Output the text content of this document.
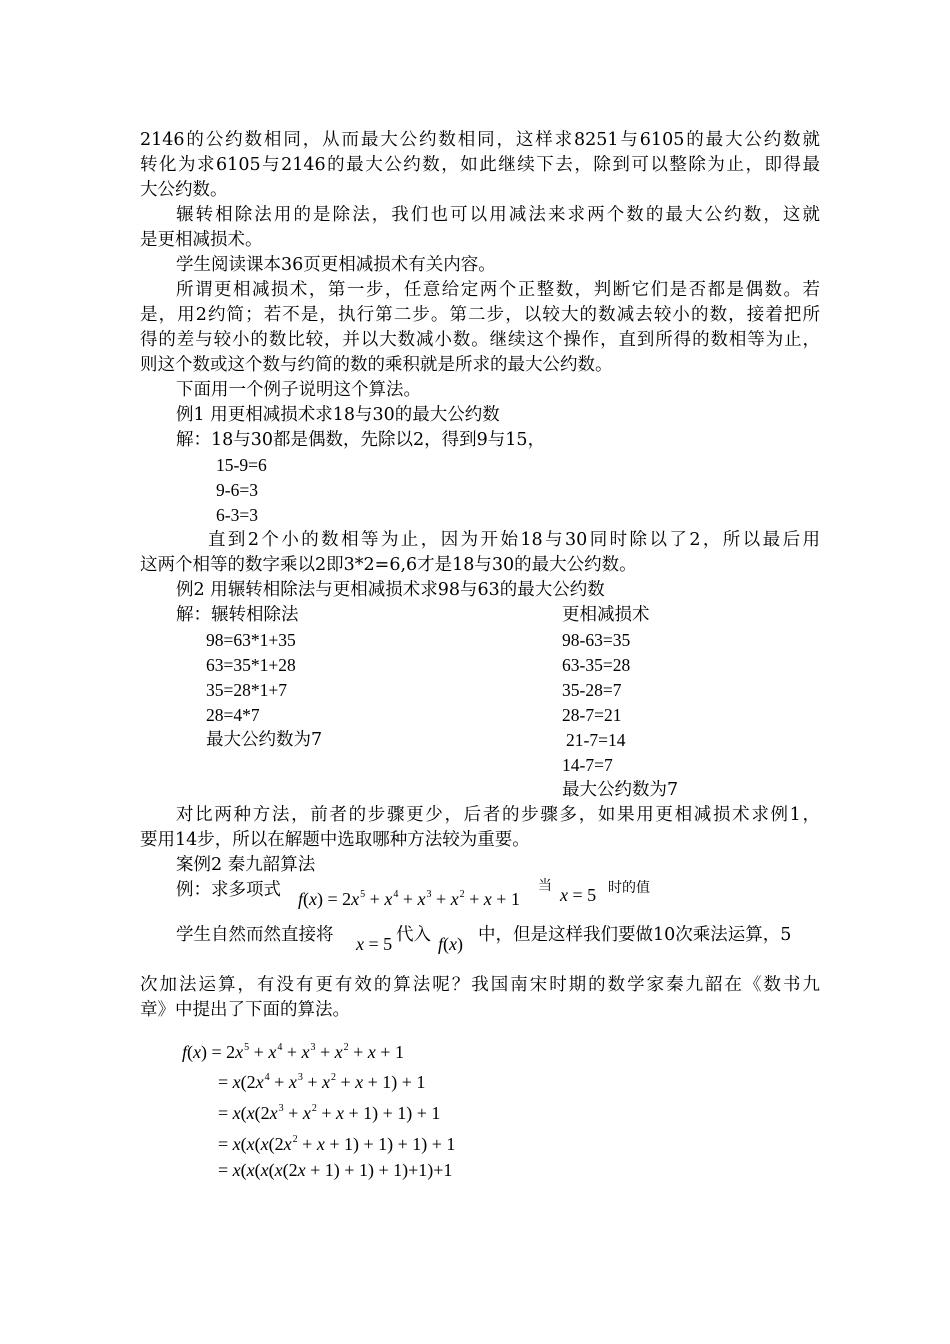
2146的公约数相同，从而最大公约数相同，这样求8251与6105的最大公约数就
转化为求6105与2146的最大公约数，如此继续下去，除到可以整除为止，即得最
大公约数。
辗转相除法用的是除法，我们也可以用减法来求两个数的最大公约数，这就
是更相减损术。
学生阅读课本36页更相减损术有关内容。
所谓更相减损术，第一步，任意给定两个正整数，判断它们是否都是偶数。若
是，用2约简；若不是，执行第二步。第二步，以较大的数减去较小的数，接着把所
得的差与较小的数比较，并以大数减小数。继续这个操作，直到所得的数相等为止，
则这个数或这个数与约简的数的乘积就是所求的最大公约数。
下面用一个例子说明这个算法。
例1 用更相减损术求18与30的最大公约数
解：18与30都是偶数，先除以2，得到9与15，
15-9=6
9-6=3
6-3=3
直到2个小的数相等为止，因为开始18与30同时除以了2，所以最后用
这两个相等的数字乘以2即3*2=6,6才是18与30的最大公约数。
例2 用辗转相除法与更相减损术求98与63的最大公约数
解：辗转相除法	更相减损术
98=63*1+35
63=35*1+28
35=28*1+7
28=4*7
最大公约数为7
98-63=35
63-35=28
35-28=7
28-7=21
21-7=14
14-7=7
最大公约数为7
对比两种方法，前者的步骤更少，后者的步骤多，如果用更相减损术求例1，
要用14步，所以在解题中选取哪种方法较为重要。
案例2 秦九韶算法
例：求多项式 $f(x) = 2x^5 + x^4 + x^3 + x^2 + x + 1$
当 x = 5 时的值
学生自然而然直接将 x = 5 代入 f(x) 中，但是这样我们要做10次乘法运算，5
次加法运算，有没有更有效的算法呢？我国南宋时期的数学家秦九韶在《数书九
章》中提出了下面的算法。
$f(x) = 2x^5 + x^4 + x^3 + x^2 + x + 1$
= $x(2x^4 + x^3 + x^2 + x + 1) + 1$
= $x(x(2x^3 + x^2 + x + 1) + 1) + 1$
= $x(x(x(2x^2 + x + 1) + 1) + 1) + 1$
= x(x(x(x(2x + 1) + 1) + 1)+1)+1
